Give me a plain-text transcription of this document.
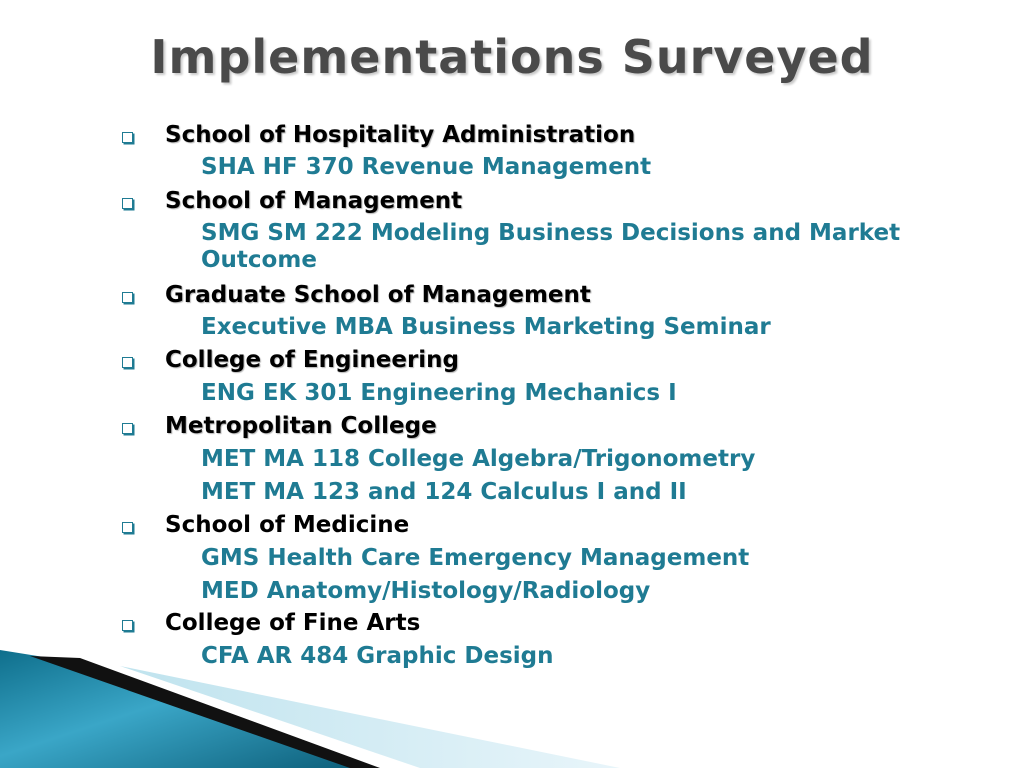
Implementations Surveyed
School of Hospitality Administration
SHA HF 370 Revenue Management
School of Management
SMG SM 222 Modeling Business Decisions and Market Outcome
Graduate School of Management
Executive MBA Business Marketing Seminar
College of Engineering
ENG EK 301 Engineering Mechanics I
Metropolitan College
MET MA 118 College Algebra/Trigonometry
MET MA 123 and 124 Calculus I and II
School of Medicine
GMS Health Care Emergency Management
MED Anatomy/Histology/Radiology
College of Fine Arts
CFA AR 484 Graphic Design
